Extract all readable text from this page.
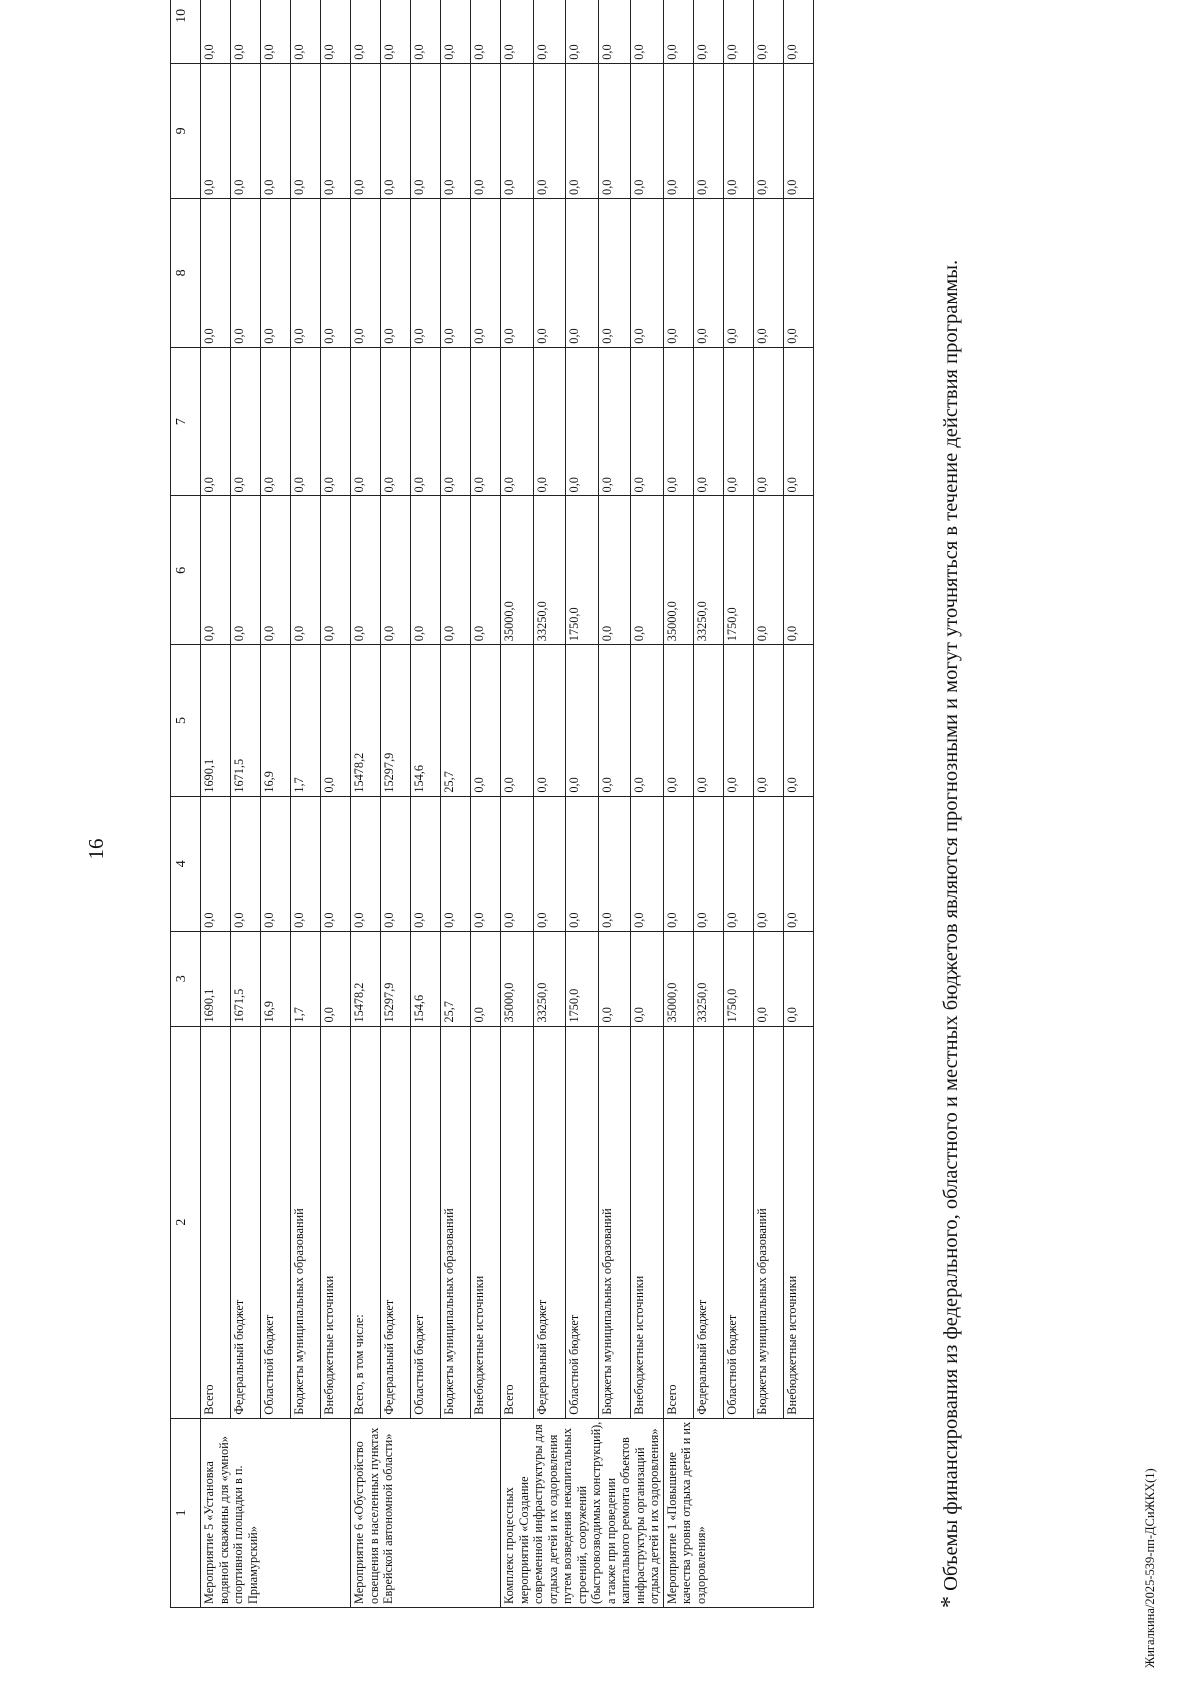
16
1	2	3	4	5	6	7	8	9	10
Мероприятие 5 «Установка водяной скважины для «умной» спортивной площадки в п. Приамурский»	Всего	1690,1	0,0	1690,1	0,0	0,0	0,0	0,0	0,0
	Федеральный бюджет	1671,5	0,0	1671,5	0,0	0,0	0,0	0,0	0,0
	Областной бюджет	16,9	0,0	16,9	0,0	0,0	0,0	0,0	0,0
	Бюджеты муниципальных образований	1,7	0,0	1,7	0,0	0,0	0,0	0,0	0,0
	Внебюджетные источники	0,0	0,0	0,0	0,0	0,0	0,0	0,0	0,0
Мероприятие 6 «Обустройство освещения в населенных пунктах Еврейской автономной области»	Всего, в том числе:	15478,2	0,0	15478,2	0,0	0,0	0,0	0,0	0,0
	Федеральный бюджет	15297,9	0,0	15297,9	0,0	0,0	0,0	0,0	0,0
	Областной бюджет	154,6	0,0	154,6	0,0	0,0	0,0	0,0	0,0
	Бюджеты муниципальных образований	25,7	0,0	25,7	0,0	0,0	0,0	0,0	0,0
	Внебюджетные источники	0,0	0,0	0,0	0,0	0,0	0,0	0,0	0,0
Комплекс процессных мероприятий «Создание современной инфраструктуры для отдыха детей и их оздоровления путем возведения некапитальных строений, сооружений (быстровозводимых конструкций), а также при проведении капитального ремонта объектов инфраструктуры организаций отдыха детей и их оздоровления»	Всего	35000,0	0,0	0,0	35000,0	0,0	0,0	0,0	0,0
	Федеральный бюджет	33250,0	0,0	0,0	33250,0	0,0	0,0	0,0	0,0
	Областной бюджет	1750,0	0,0	0,0	1750,0	0,0	0,0	0,0	0,0
	Бюджеты муниципальных образований	0,0	0,0	0,0	0,0	0,0	0,0	0,0	0,0
	Внебюджетные источники	0,0	0,0	0,0	0,0	0,0	0,0	0,0	0,0
Мероприятие 1 «Повышение качества уровня отдыха детей и их оздоровления»	Всего	35000,0	0,0	0,0	35000,0	0,0	0,0	0,0	0,0
	Федеральный бюджет	33250,0	0,0	0,0	33250,0	0,0	0,0	0,0	0,0
	Областной бюджет	1750,0	0,0	0,0	1750,0	0,0	0,0	0,0	0,0
	Бюджеты муниципальных образований	0,0	0,0	0,0	0,0	0,0	0,0	0,0	0,0
	Внебюджетные источники	0,0	0,0	0,0	0,0	0,0	0,0	0,0	0,0
* Объемы финансирования из федерального, областного и местных бюджетов являются прогнозными и могут уточняться в течение действия программы.	Жигалкина/2025-539-пп-ДСиЖКХ(1)
